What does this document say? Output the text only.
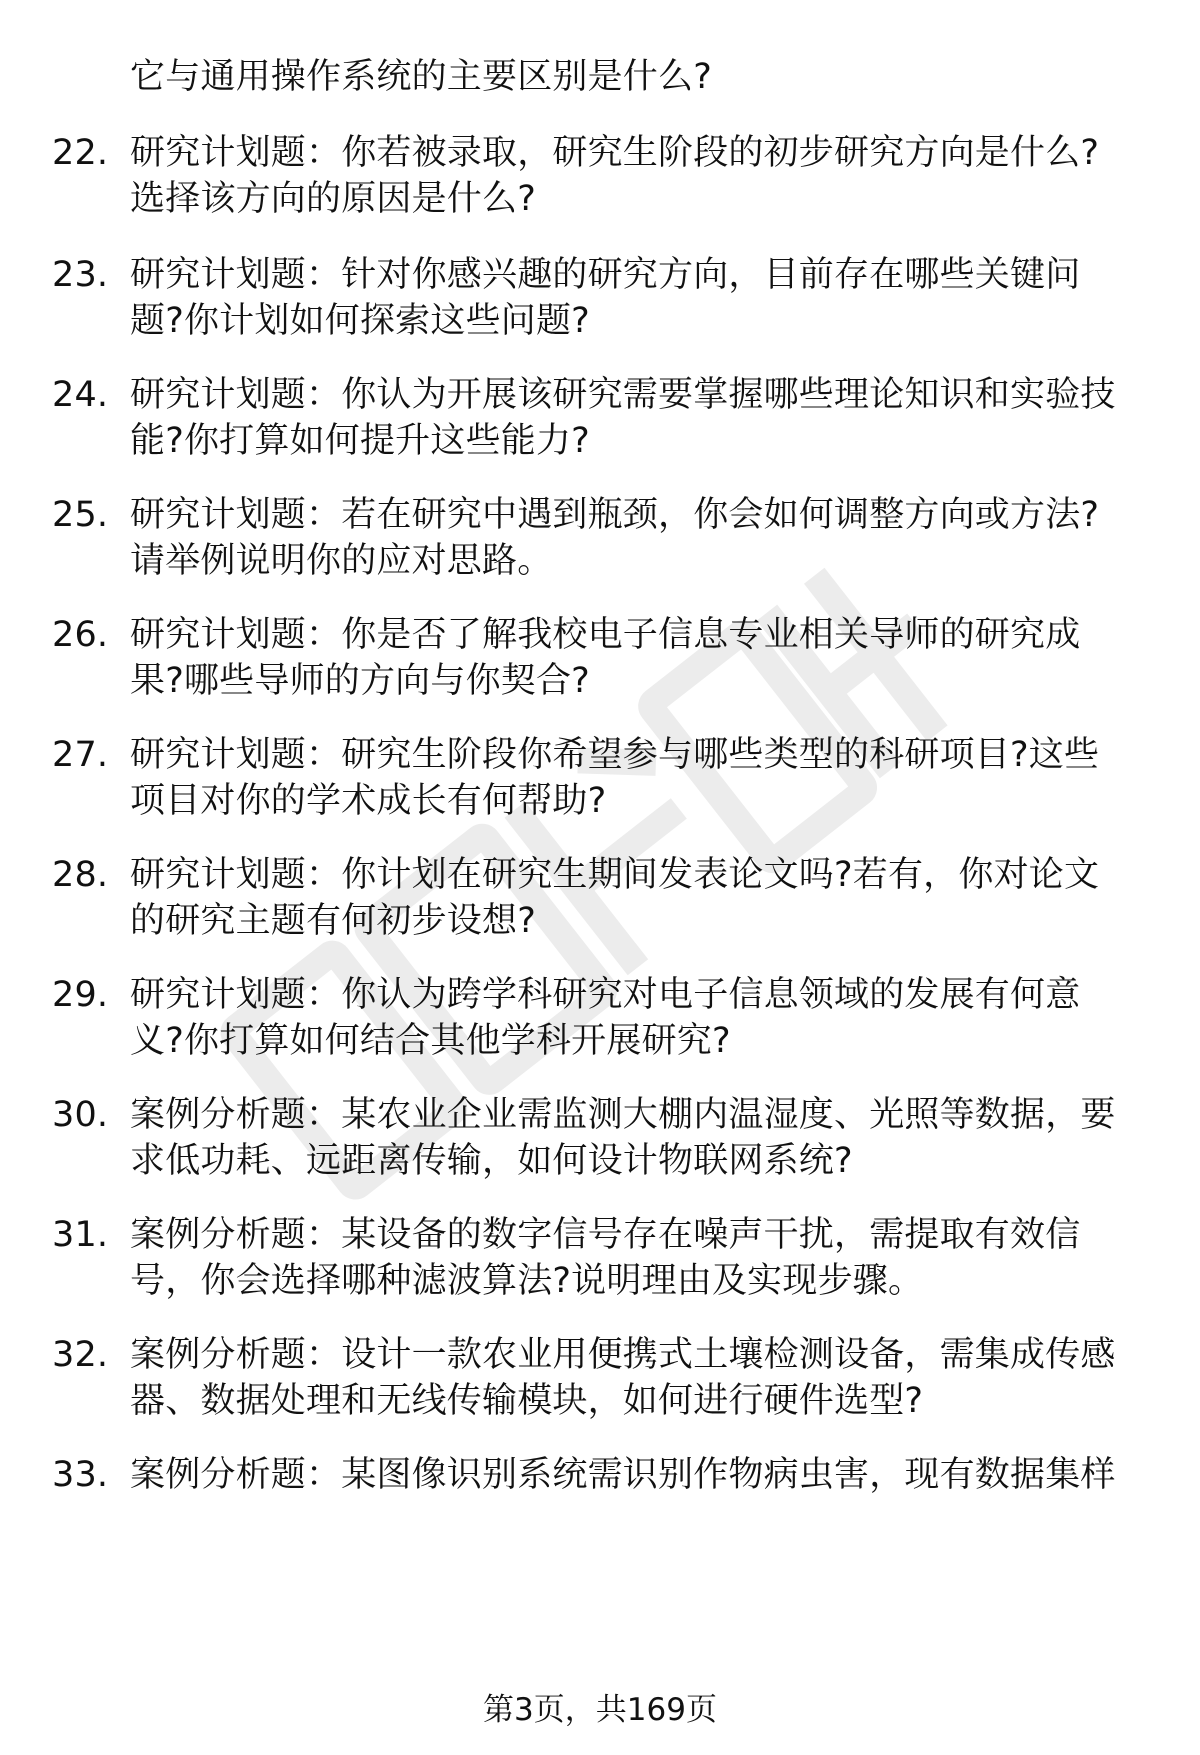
它与通用操作系统的主要区别是什么?
22. 研究计划题：你若被录取，研究生阶段的初步研究方向是什么?
选择该方向的原因是什么?
23. 研究计划题：针对你感兴趣的研究方向，目前存在哪些关键问
题?你计划如何探索这些问题?
24. 研究计划题：你认为开展该研究需要掌握哪些理论知识和实验技
能?你打算如何提升这些能力?
25. 研究计划题：若在研究中遇到瓶颈，你会如何调整方向或方法?
请举例说明你的应对思路。
26. 研究计划题：你是否了解我校电子信息专业相关导师的研究成
果?哪些导师的方向与你契合?
27. 研究计划题：研究生阶段你希望参与哪些类型的科研项目?这些
项目对你的学术成长有何帮助?
28. 研究计划题：你计划在研究生期间发表论文吗?若有，你对论文
的研究主题有何初步设想?
29. 研究计划题：你认为跨学科研究对电子信息领域的发展有何意
义?你打算如何结合其他学科开展研究?
30. 案例分析题：某农业企业需监测大棚内温湿度、光照等数据，要
求低功耗、远距离传输，如何设计物联网系统?
31. 案例分析题：某设备的数字信号存在噪声干扰，需提取有效信
号，你会选择哪种滤波算法?说明理由及实现步骤。
32. 案例分析题：设计一款农业用便携式土壤检测设备，需集成传感
器、数据处理和无线传输模块，如何进行硬件选型?
33. 案例分析题：某图像识别系统需识别作物病虫害，现有数据集样
第3页，共169页
